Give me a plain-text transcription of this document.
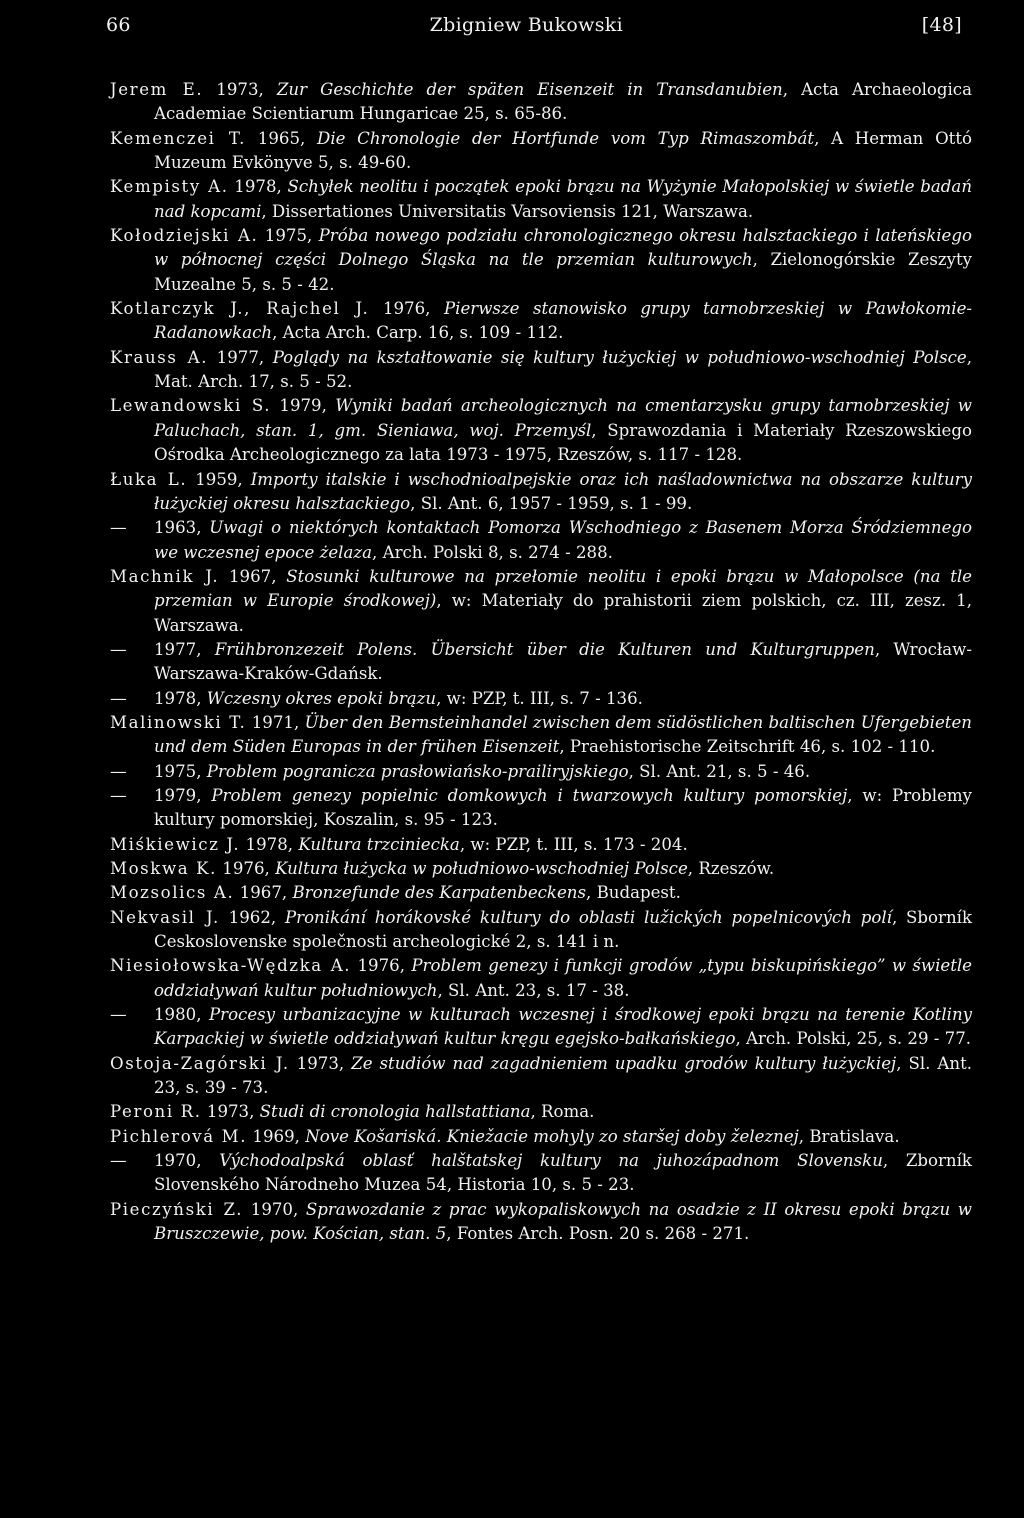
66	Zbigniew Bukowski	[48]

Jerem E. 1973, Zur Geschichte der späten Eisenzeit in Transdanubien, Acta Archaeologica Academiae Scientiarum Hungaricae 25, s. 65-86.

Kemenczei T. 1965, Die Chronologie der Hortfunde vom Typ Rimaszombát, A Herman Ottó Muzeum Evkönyve 5, s. 49-60.

Kempisty A. 1978, Schyłek neolitu i początek epoki brązu na Wyżynie Małopolskiej w świetle badań nad kopcami, Dissertationes Universitatis Varsoviensis 121, Warszawa.

Kołodziejski A. 1975, Próba nowego podziału chronologicznego okresu halsztackiego i lateńskiego w północnej części Dolnego Śląska na tle przemian kulturowych, Zielonogórskie Zeszyty Muzealne 5, s. 5 - 42.

Kotlarczyk J., Rajchel J. 1976, Pierwsze stanowisko grupy tarnobrzeskiej w Pawłokomie-Radanowkach, Acta Arch. Carp. 16, s. 109 - 112.

Krauss A. 1977, Poglądy na kształtowanie się kultury łużyckiej w południowo-wschodniej Polsce, Mat. Arch. 17, s. 5 - 52.

Lewandowski S. 1979, Wyniki badań archeologicznych na cmentarzysku grupy tarnobrzeskiej w Paluchach, stan. 1, gm. Sieniawa, woj. Przemyśl, Sprawozdania i Materiały Rzeszowskiego Ośrodka Archeologicznego za lata 1973 - 1975, Rzeszów, s. 117 - 128.

Łuka L. 1959, Importy italskie i wschodnioalpejskie oraz ich naśladownictwa na obszarze kultury łużyckiej okresu halsztackiego, Sl. Ant. 6, 1957 - 1959, s. 1 - 99.

— 1963, Uwagi o niektórych kontaktach Pomorza Wschodniego z Basenem Morza Śródziemnego we wczesnej epoce żelaza, Arch. Polski 8, s. 274 - 288.

Machnik J. 1967, Stosunki kulturowe na przełomie neolitu i epoki brązu w Małopolsce (na tle przemian w Europie środkowej), w: Materiały do prahistorii ziem polskich, cz. III, zesz. 1, Warszawa.

— 1977, Frühbronzezeit Polens. Übersicht über die Kulturen und Kulturgruppen, Wrocław-Warszawa-Kraków-Gdańsk.

— 1978, Wczesny okres epoki brązu, w: PZP, t. III, s. 7 - 136.

Malinowski T. 1971, Über den Bernsteinhandel zwischen dem südöstlichen baltischen Ufergebieten und dem Süden Europas in der frühen Eisenzeit, Praehistorische Zeitschrift 46, s. 102 - 110.

— 1975, Problem pogranicza prasłowiańsko-prailiryjskiego, Sl. Ant. 21, s. 5 - 46.

— 1979, Problem genezy popielnic domkowych i twarzowych kultury pomorskiej, w: Problemy kultury pomorskiej, Koszalin, s. 95 - 123.

Miśkiewicz J. 1978, Kultura trzciniecka, w: PZP, t. III, s. 173 - 204.

Moskwa K. 1976, Kultura łużycka w południowo-wschodniej Polsce, Rzeszów.

Mozsolics A. 1967, Bronzefunde des Karpatenbeckens, Budapest.

Nekvasil J. 1962, Pronikání horákovské kultury do oblasti lužických popelnicových polí, Sborník Ceskoslovenske společnosti archeologické 2, s. 141 i n.

Niesiołowska-Wędzka A. 1976, Problem genezy i funkcji grodów „typu biskupińskiego” w świetle oddziaływań kultur południowych, Sl. Ant. 23, s. 17 - 38.

— 1980, Procesy urbanizacyjne w kulturach wczesnej i środkowej epoki brązu na terenie Kotliny Karpackiej w świetle oddziaływań kultur kręgu egejsko-bałkańskiego, Arch. Polski, 25, s. 29 - 77.

Ostoja-Zagórski J. 1973, Ze studiów nad zagadnieniem upadku grodów kultury łużyckiej, Sl. Ant. 23, s. 39 - 73.

Peroni R. 1973, Studi di cronologia hallstattiana, Roma.

Pichlerová M. 1969, Nove Košariská. Kniežacie mohyly zo staršej doby železnej, Bratislava.

— 1970, Východoalpská oblasť halštatskej kultury na juhozápadnom Slovensku, Zborník Slovenského Národneho Muzea 54, Historia 10, s. 5 - 23.

Pieczyński Z. 1970, Sprawozdanie z prac wykopaliskowych na osadzie z II okresu epoki brązu w Bruszczewie, pow. Kościan, stan. 5, Fontes Arch. Posn. 20 s. 268 - 271.
